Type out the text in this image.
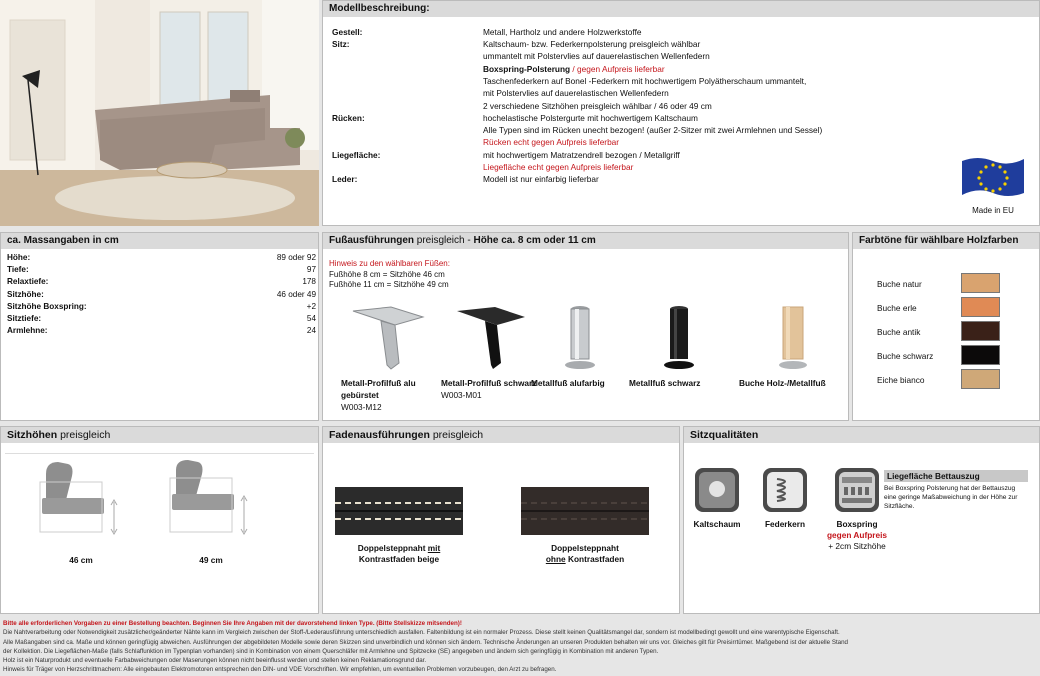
Modellbeschreibung:
Gestell:	Metall, Hartholz und andere Holzwerkstoffe
Sitz:	Kaltschaum- bzw. Federkernpolsterung preisgleich wählbar
ummantelt mit Polstervlies auf dauerelastischen Wellenfedern
Boxspring-Polsterung / gegen Aufpreis lieferbar
Taschenfederkern auf Bonel -Federkern mit hochwertigem Polyätherschaum ummantelt,
mit Polstervlies auf dauerelastischen Wellenfedern
2 verschiedene Sitzhöhen preisgleich wählbar / 46 oder 49 cm
Rücken:	hochelastische Polstergurte mit hochwertigem Kaltschaum
Alle Typen sind im Rücken unecht bezogen! (außer 2-Sitzer mit zwei Armlehnen und Sessel)
Rücken echt gegen Aufpreis lieferbar
Liegefläche:	mit hochwertigem Matratzendrell bezogen / Metallgriff
Liegefläche echt gegen Aufpreis lieferbar
Leder:	Modell ist nur einfarbig lieferbar
Made in EU
ca. Massangaben in cm
Höhe:	89 oder 92
Tiefe:	97
Relaxtiefe:	178
Sitzhöhe:	46 oder 49
Sitzhöhe Boxspring:	+2
Sitztiefe:	54
Armlehne:	24
Fußausführungen preisgleich - Höhe ca. 8 cm oder 11 cm
Hinweis zu den wählbaren Füßen:
Fußhöhe 8 cm = Sitzhöhe 46 cm
Fußhöhe 11 cm = Sitzhöhe 49 cm
Metall-Profilfuß alu gebürstet
W003-M12
Metall-Profilfuß schwarz
W003-M01
Metallfuß alufarbig	Metallfuß schwarz	Buche Holz-/Metallfuß
Farbtöne für wählbare Holzfarben
Buche natur
Buche erle
Buche antik
Buche schwarz
Eiche bianco
Sitzhöhen preisgleich
46 cm	49 cm
Fadenausführungen preisgleich
Doppelsteppnaht mit
Kontrastfaden beige
Doppelsteppnaht
ohne Kontrastfaden
Sitzqualitäten
Kaltschaum	Federkern	Boxspring
gegen Aufpreis
+ 2cm Sitzhöhe
Liegefläche Bettauszug
Bei Boxspring Polsterung hat der Bettauszug eine geringe Maßabweichung in der Höhe zur Sitzfläche.
Bitte alle erforderlichen Vorgaben zu einer Bestellung beachten. Beginnen Sie Ihre Angaben mit der davorstehend linken Type. (Bitte Stellskizze mitsenden)!
Die Nahtverarbeitung oder Notwendigkeit zusätzlicher/geänderter Nähte kann im Vergleich zwischen der Stoff-/Lederausführung unterschiedlich ausfallen. Faltenbildung ist ein normaler Prozess. Diese stellt keinen Qualitätsmangel dar, sondern ist modellbedingt gewollt und eine warentypische Eigenschaft.
Alle Maßangaben sind ca. Maße und können geringfügig abweichen. Ausführungen der abgebildeten Modelle sowie deren Skizzen sind unverbindlich und können sich ändern. Technische Änderungen an unseren Produkten behalten wir uns vor. Gleiches gilt für Preisirrtümer. Maßgebend ist der aktuelle Stand
der Kollektion. Die Liegeflächen-Maße (falls Schlaffunktion im Typenplan vorhanden) sind in Kombination von einem Querschläfer mit Armlehne und Spitzecke (SE) angegeben und ändern sich geringfügig in Kombination mit anderen Typen.
Holz ist ein Naturprodukt und eventuelle Farbabweichungen oder Maserungen können nicht beeinflusst werden und stellen keinen Reklamationsgrund dar.
Hinweis für Träger von Herzschrittmachern: Alle eingebauten Elektromotoren entsprechen den DIN- und VDE Vorschriften. Wir empfehlen, um eventuellen Problemen vorzubeugen, den Arzt zu befragen.
